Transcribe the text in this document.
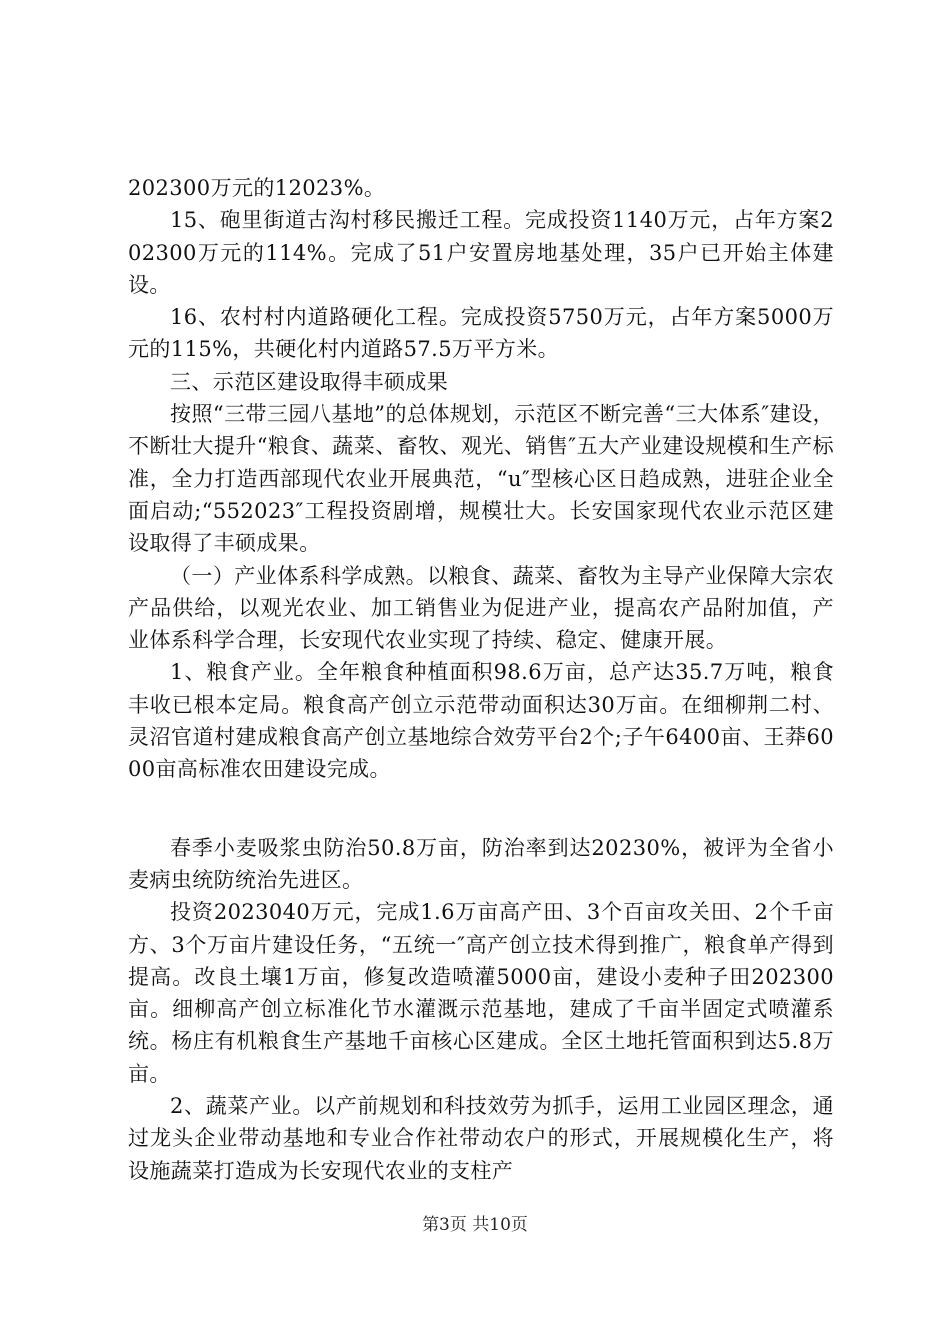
202300万元的12023%。

15、砲里街道古沟村移民搬迁工程。完成投资1140万元，占年方案202300万元的114%。完成了51户安置房地基处理，35户已开始主体建设。

16、农村村内道路硬化工程。完成投资5750万元，占年方案5000万元的115%，共硬化村内道路57.5万平方米。

三、示范区建设取得丰硕成果

按照“三带三园八基地”的总体规划，示范区不断完善“三大体系″建设，不断壮大提升“粮食、蔬菜、畜牧、观光、销售″五大产业建设规模和生产标准，全力打造西部现代农业开展典范，“u″型核心区日趋成熟，进驻企业全面启动;“552023″工程投资剧增，规模壮大。长安国家现代农业示范区建设取得了丰硕成果。

（一）产业体系科学成熟。以粮食、蔬菜、畜牧为主导产业保障大宗农产品供给，以观光农业、加工销售业为促进产业，提高农产品附加值，产业体系科学合理，长安现代农业实现了持续、稳定、健康开展。

1、粮食产业。全年粮食种植面积98.6万亩，总产达35.7万吨，粮食丰收已根本定局。粮食高产创立示范带动面积达30万亩。在细柳荆二村、灵沼官道村建成粮食高产创立基地综合效劳平台2个;子午6400亩、王莽6000亩高标准农田建设完成。

春季小麦吸浆虫防治50.8万亩，防治率到达20230%，被评为全省小麦病虫统防统治先进区。

投资2023040万元，完成1.6万亩高产田、3个百亩攻关田、2个千亩方、3个万亩片建设任务，“五统一″高产创立技术得到推广，粮食单产得到提高。改良土壤1万亩，修复改造喷灌5000亩，建设小麦种子田202300亩。细柳高产创立标准化节水灌溉示范基地，建成了千亩半固定式喷灌系统。杨庄有机粮食生产基地千亩核心区建成。全区土地托管面积到达5.8万亩。

2、蔬菜产业。以产前规划和科技效劳为抓手，运用工业园区理念，通过龙头企业带动基地和专业合作社带动农户的形式，开展规模化生产，将设施蔬菜打造成为长安现代农业的支柱产

第3页 共10页
